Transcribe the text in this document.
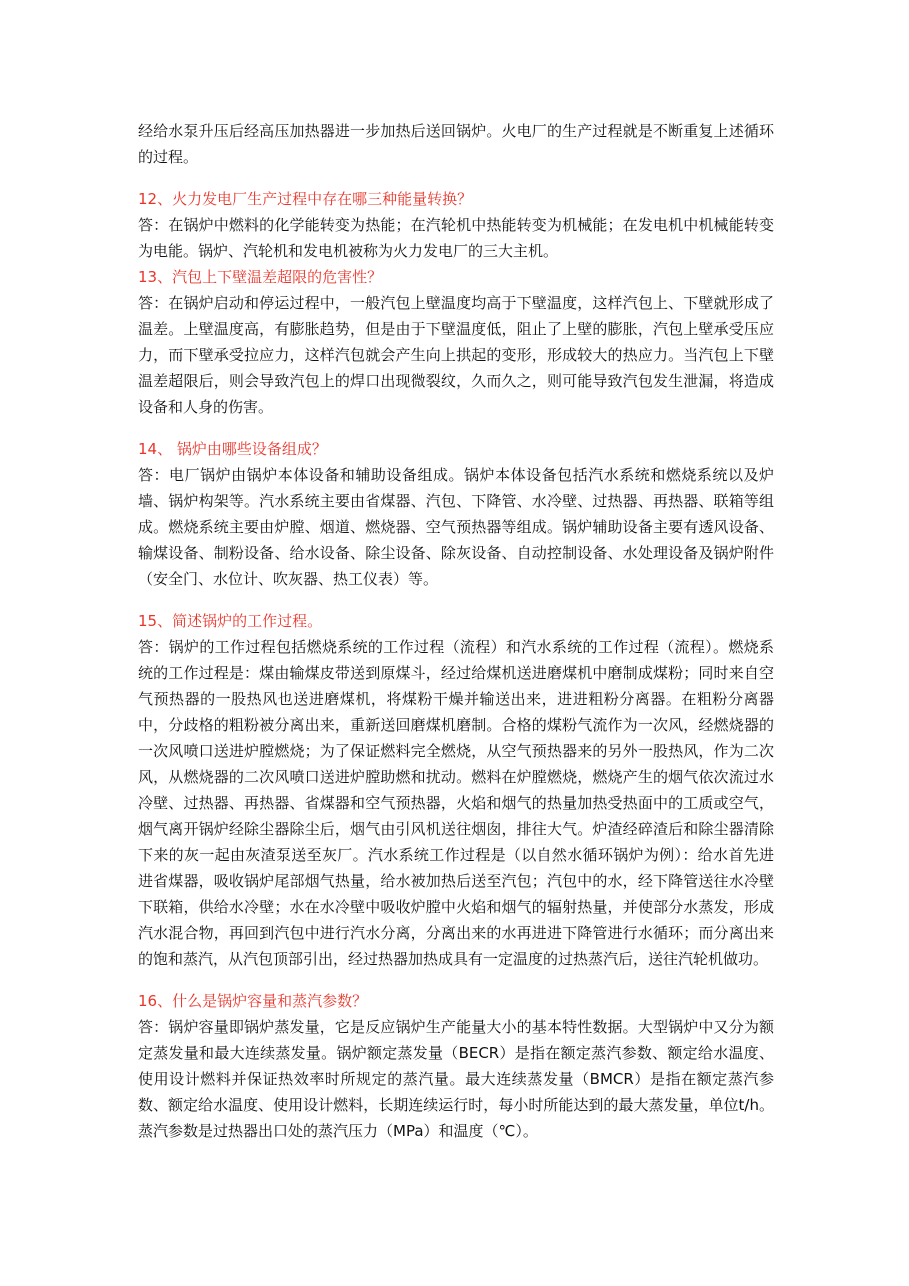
经给水泵升压后经高压加热器进一步加热后送回锅炉。火电厂的生产过程就是不断重复上述循环的过程。

12、火力发电厂生产过程中存在哪三种能量转换？

答：在锅炉中燃料的化学能转变为热能；在汽轮机中热能转变为机械能；在发电机中机械能转变为电能。锅炉、汽轮机和发电机被称为火力发电厂的三大主机。

13、汽包上下壁温差超限的危害性？

答：在锅炉启动和停运过程中，一般汽包上壁温度均高于下壁温度，这样汽包上、下壁就形成了温差。上壁温度高，有膨胀趋势，但是由于下壁温度低，阻止了上壁的膨胀，汽包上壁承受压应力，而下壁承受拉应力，这样汽包就会产生向上拱起的变形，形成较大的热应力。当汽包上下壁温差超限后，则会导致汽包上的焊口出现微裂纹，久而久之，则可能导致汽包发生泄漏，将造成设备和人身的伤害。

14、 锅炉由哪些设备组成？

答：电厂锅炉由锅炉本体设备和辅助设备组成。锅炉本体设备包括汽水系统和燃烧系统以及炉墙、锅炉构架等。汽水系统主要由省煤器、汽包、下降管、水冷壁、过热器、再热器、联箱等组成。燃烧系统主要由炉膛、烟道、燃烧器、空气预热器等组成。锅炉辅助设备主要有透风设备、输煤设备、制粉设备、给水设备、除尘设备、除灰设备、自动控制设备、水处理设备及锅炉附件（安全门、水位计、吹灰器、热工仪表）等。

15、简述锅炉的工作过程。

答：锅炉的工作过程包括燃烧系统的工作过程（流程）和汽水系统的工作过程（流程）。燃烧系统的工作过程是：煤由输煤皮带送到原煤斗，经过给煤机送进磨煤机中磨制成煤粉；同时来自空气预热器的一股热风也送进磨煤机，将煤粉干燥并输送出来，进进粗粉分离器。在粗粉分离器中，分歧格的粗粉被分离出来，重新送回磨煤机磨制。合格的煤粉气流作为一次风，经燃烧器的一次风喷口送进炉膛燃烧；为了保证燃料完全燃烧，从空气预热器来的另外一股热风，作为二次风，从燃烧器的二次风喷口送进炉膛助燃和扰动。燃料在炉膛燃烧，燃烧产生的烟气依次流过水冷壁、过热器、再热器、省煤器和空气预热器，火焰和烟气的热量加热受热面中的工质或空气，烟气离开锅炉经除尘器除尘后，烟气由引风机送往烟囱，排往大气。炉渣经碎渣后和除尘器清除下来的灰一起由灰渣泵送至灰厂。汽水系统工作过程是（以自然水循环锅炉为例）：给水首先进进省煤器，吸收锅炉尾部烟气热量，给水被加热后送至汽包；汽包中的水，经下降管送往水冷壁下联箱，供给水冷壁；水在水冷壁中吸收炉膛中火焰和烟气的辐射热量，并使部分水蒸发，形成汽水混合物，再回到汽包中进行汽水分离，分离出来的水再进进下降管进行水循环；而分离出来的饱和蒸汽，从汽包顶部引出，经过热器加热成具有一定温度的过热蒸汽后，送往汽轮机做功。

16、什么是锅炉容量和蒸汽参数？

答：锅炉容量即锅炉蒸发量，它是反应锅炉生产能量大小的基本特性数据。大型锅炉中又分为额定蒸发量和最大连续蒸发量。锅炉额定蒸发量（BECR）是指在额定蒸汽参数、额定给水温度、使用设计燃料并保证热效率时所规定的蒸汽量。最大连续蒸发量（BMCR）是指在额定蒸汽参数、额定给水温度、使用设计燃料，长期连续运行时，每小时所能达到的最大蒸发量，单位t/h。蒸汽参数是过热器出口处的蒸汽压力（MPa）和温度（℃）。
